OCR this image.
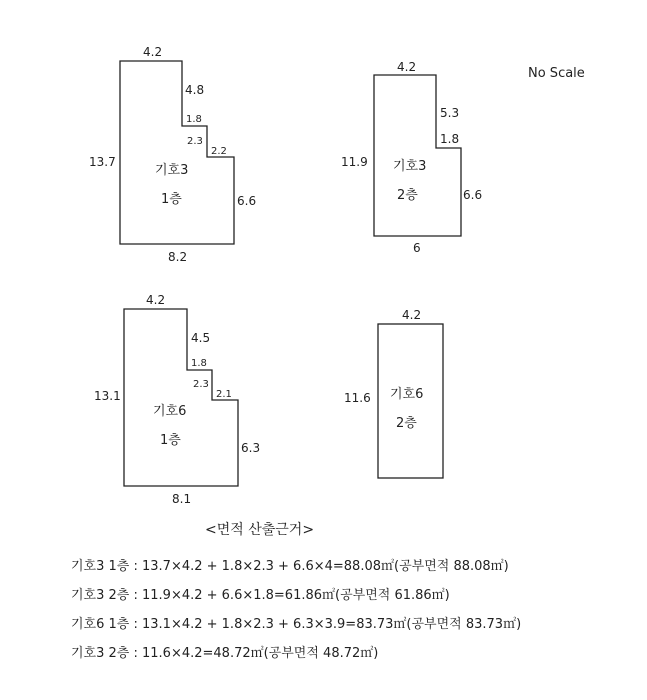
No Scale
4.2
4.8
1.8
2.3
2.2
6.6
8.2
13.7
기호3
1층
4.2
5.3
1.8
6.6
6
11.9 기호3
2층
4.2
4.5
1.8
2.3
2.1
6.3
8.1
13.1
기호6
1층
4.2
11.6 기호6
2층
<면적 산출근거>
기호3 1층 : 13.7×4.2 + 1.8×2.3 + 6.6×4=88.08㎡(공부면적 88.08㎡)
기호3 2층 : 11.9×4.2 + 6.6×1.8=61.86㎡(공부면적 61.86㎡)
기호6 1층 : 13.1×4.2 + 1.8×2.3 + 6.3×3.9=83.73㎡(공부면적 83.73㎡)
기호3 2층 : 11.6×4.2=48.72㎡(공부면적 48.72㎡)
